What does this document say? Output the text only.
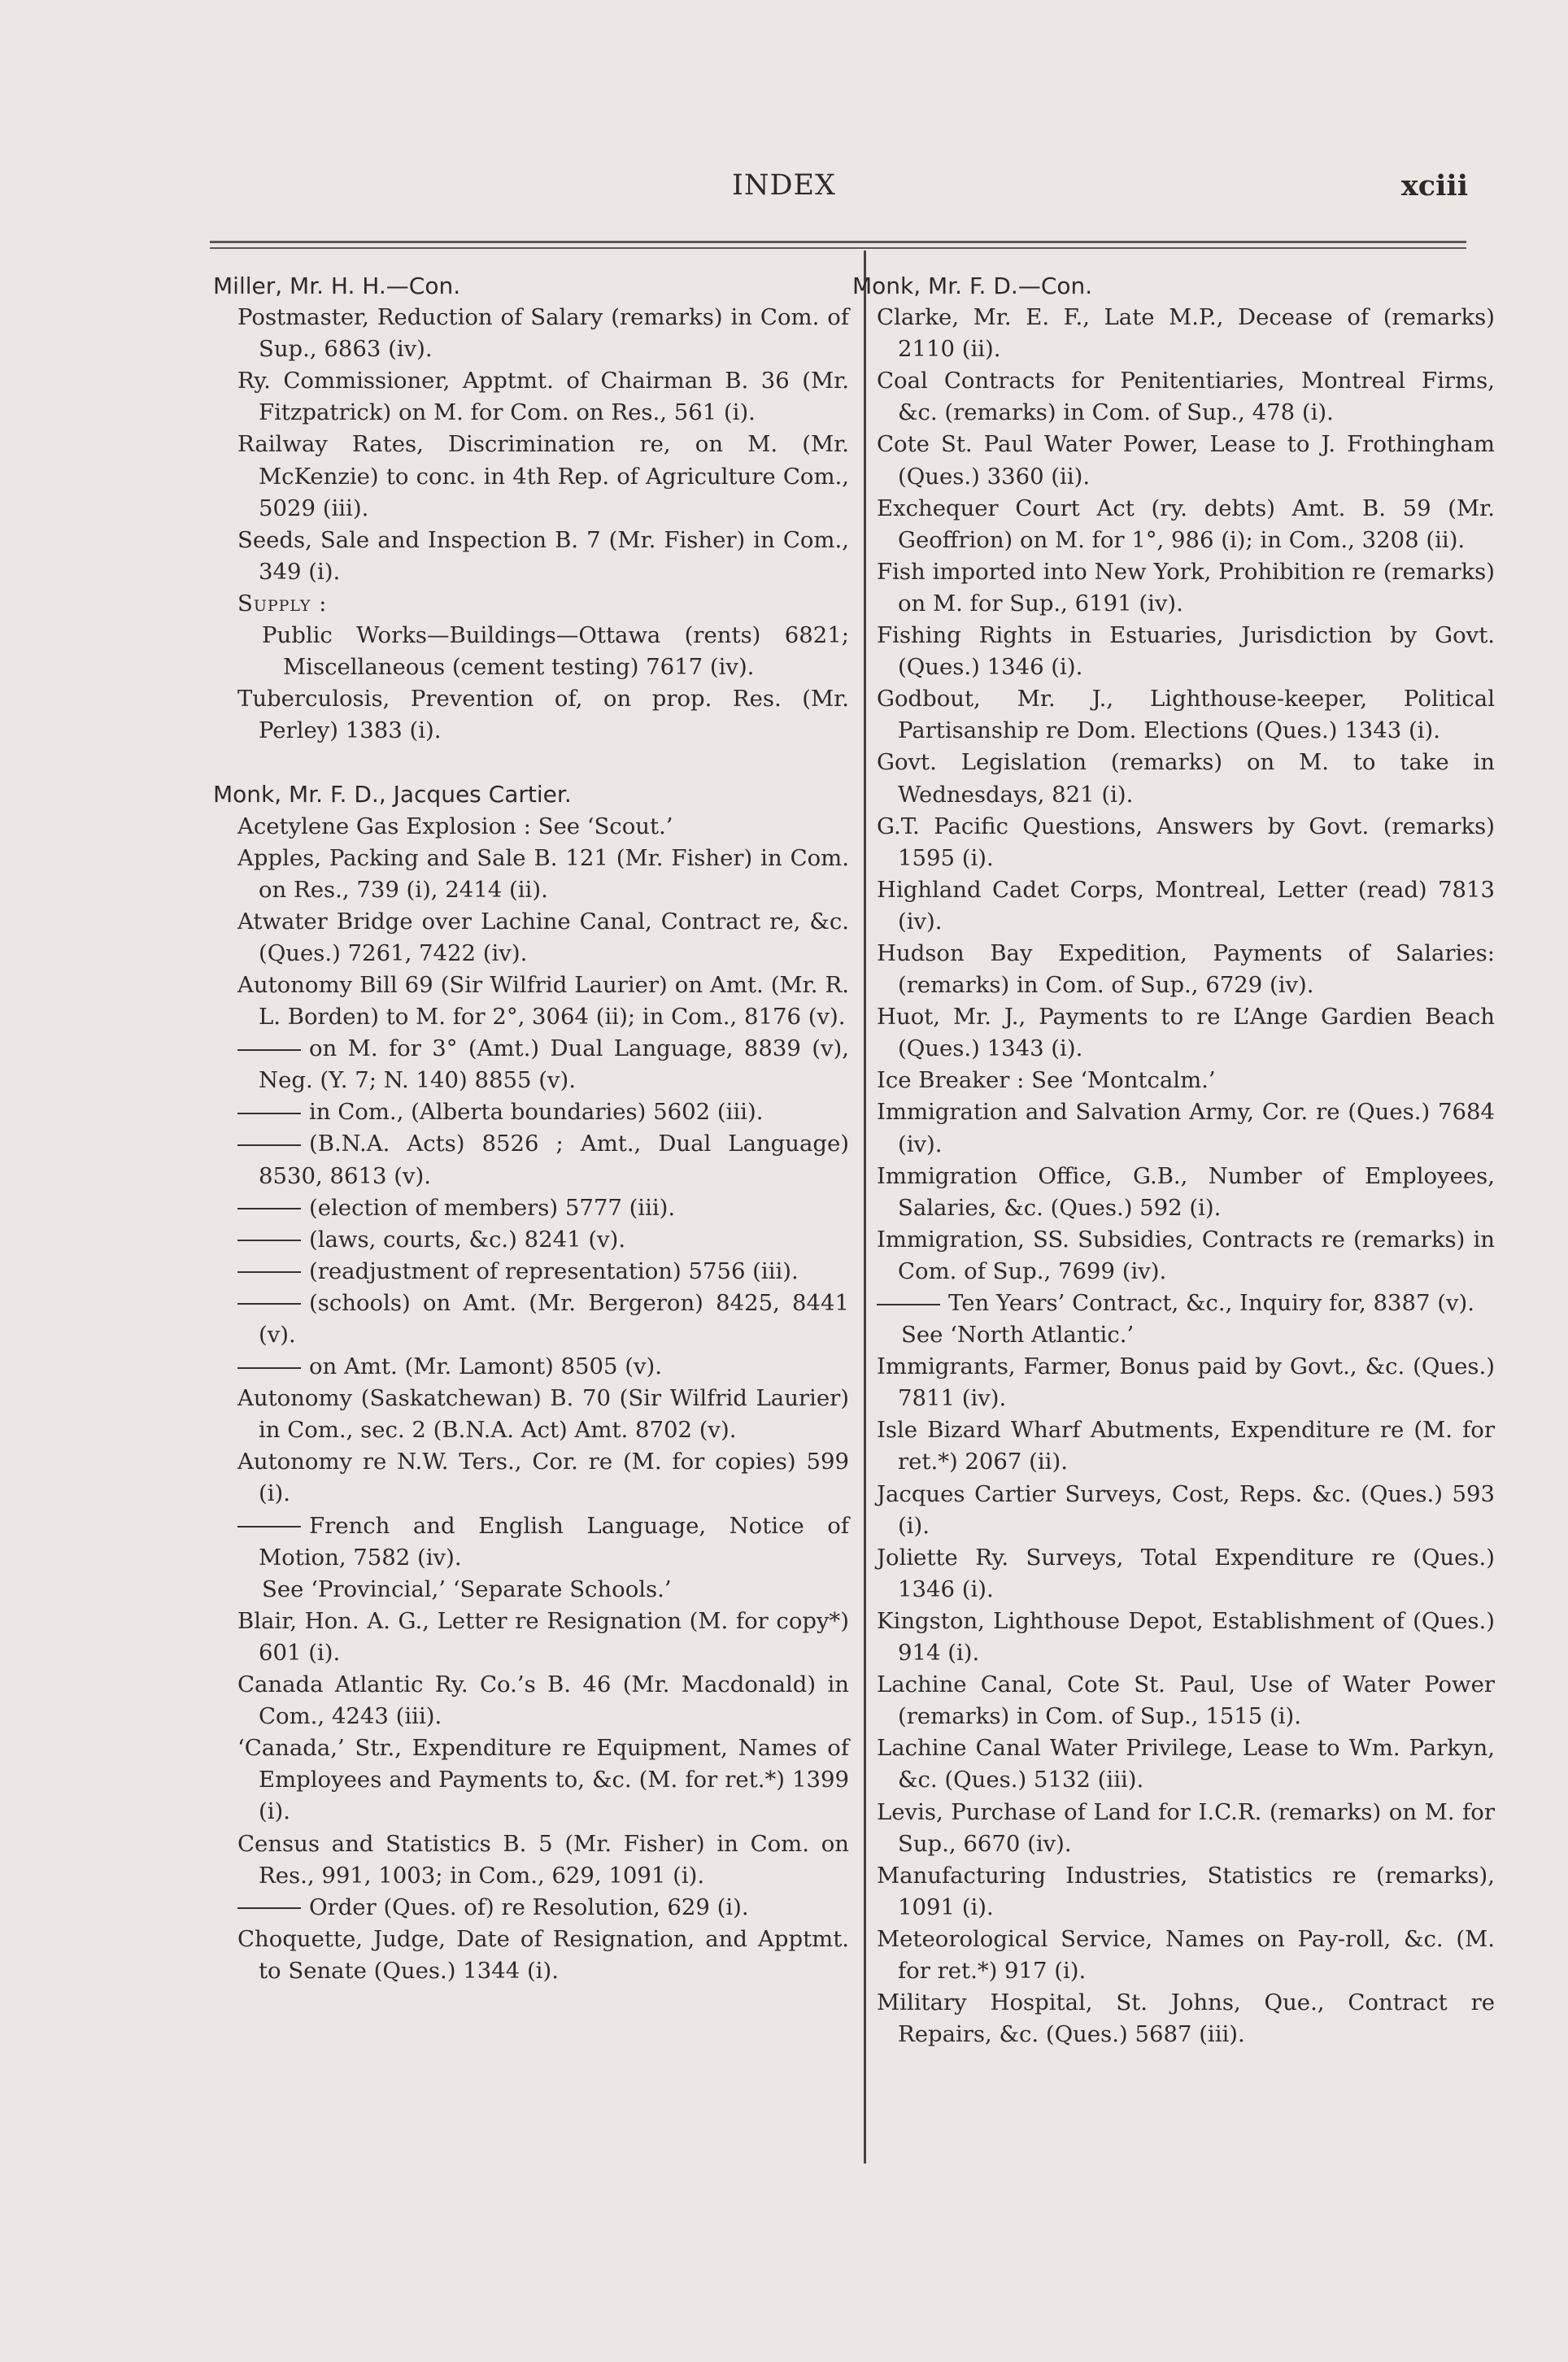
INDEX	xciii

Miller, Mr. H. H.—Con.

Postmaster, Reduction of Salary (remarks) in Com. of Sup., 6863 (iv).

Ry. Commissioner, Apptmt. of Chairman B. 36 (Mr. Fitzpatrick) on M. for Com. on Res., 561 (i).

Railway Rates, Discrimination re, on M. (Mr. McKenzie) to conc. in 4th Rep. of Agriculture Com., 5029 (iii).

Seeds, Sale and Inspection B. 7 (Mr. Fisher) in Com., 349 (i).

Supply :

Public Works—Buildings—Ottawa (rents) 6821; Miscellaneous (cement testing) 7617 (iv).

Tuberculosis, Prevention of, on prop. Res. (Mr. Perley) 1383 (i).

Monk, Mr. F. D., Jacques Cartier.

Acetylene Gas Explosion : See ‘Scout.’

Apples, Packing and Sale B. 121 (Mr. Fisher) in Com. on Res., 739 (i), 2414 (ii).

Atwater Bridge over Lachine Canal, Contract re, &c. (Ques.) 7261, 7422 (iv).

Autonomy Bill 69 (Sir Wilfrid Laurier) on Amt. (Mr. R. L. Borden) to M. for 2°, 3064 (ii); in Com., 8176 (v).

on M. for 3° (Amt.) Dual Language, 8839 (v), Neg. (Y. 7; N. 140) 8855 (v).

in Com., (Alberta boundaries) 5602 (iii).

(B.N.A. Acts) 8526 ; Amt., Dual Language) 8530, 8613 (v).

(election of members) 5777 (iii).

(laws, courts, &c.) 8241 (v).

(readjustment of representation) 5756 (iii).

(schools) on Amt. (Mr. Bergeron) 8425, 8441 (v).

on Amt. (Mr. Lamont) 8505 (v).

Autonomy (Saskatchewan) B. 70 (Sir Wilfrid Laurier) in Com., sec. 2 (B.N.A. Act) Amt. 8702 (v).

Autonomy re N.W. Ters., Cor. re (M. for copies) 599 (i).

French and English Language, Notice of Motion, 7582 (iv).

See ‘Provincial,’ ‘Separate Schools.’

Blair, Hon. A. G., Letter re Resignation (M. for copy*) 601 (i).

Canada Atlantic Ry. Co.’s B. 46 (Mr. Macdonald) in Com., 4243 (iii).

‘Canada,’ Str., Expenditure re Equipment, Names of Employees and Payments to, &c. (M. for ret.*) 1399 (i).

Census and Statistics B. 5 (Mr. Fisher) in Com. on Res., 991, 1003; in Com., 629, 1091 (i).

Order (Ques. of) re Resolution, 629 (i).

Choquette, Judge, Date of Resignation, and Apptmt. to Senate (Ques.) 1344 (i).

Monk, Mr. F. D.—Con.

Clarke, Mr. E. F., Late M.P., Decease of (remarks) 2110 (ii).

Coal Contracts for Penitentiaries, Montreal Firms, &c. (remarks) in Com. of Sup., 478 (i).

Cote St. Paul Water Power, Lease to J. Frothingham (Ques.) 3360 (ii).

Exchequer Court Act (ry. debts) Amt. B. 59 (Mr. Geoffrion) on M. for 1°, 986 (i); in Com., 3208 (ii).

Fish imported into New York, Prohibition re (remarks) on M. for Sup., 6191 (iv).

Fishing Rights in Estuaries, Jurisdiction by Govt. (Ques.) 1346 (i).

Godbout, Mr. J., Lighthouse-keeper, Political Partisanship re Dom. Elections (Ques.) 1343 (i).

Govt. Legislation (remarks) on M. to take in Wednesdays, 821 (i).

G.T. Pacific Questions, Answers by Govt. (remarks) 1595 (i).

Highland Cadet Corps, Montreal, Letter (read) 7813 (iv).

Hudson Bay Expedition, Payments of Salaries: (remarks) in Com. of Sup., 6729 (iv).

Huot, Mr. J., Payments to re L’Ange Gardien Beach (Ques.) 1343 (i).

Ice Breaker : See ‘Montcalm.’

Immigration and Salvation Army, Cor. re (Ques.) 7684 (iv).

Immigration Office, G.B., Number of Employees, Salaries, &c. (Ques.) 592 (i).

Immigration, SS. Subsidies, Contracts re (remarks) in Com. of Sup., 7699 (iv).

Ten Years’ Contract, &c., Inquiry for, 8387 (v).

See ‘North Atlantic.’

Immigrants, Farmer, Bonus paid by Govt., &c. (Ques.) 7811 (iv).

Isle Bizard Wharf Abutments, Expenditure re (M. for ret.*) 2067 (ii).

Jacques Cartier Surveys, Cost, Reps. &c. (Ques.) 593 (i).

Joliette Ry. Surveys, Total Expenditure re (Ques.) 1346 (i).

Kingston, Lighthouse Depot, Establishment of (Ques.) 914 (i).

Lachine Canal, Cote St. Paul, Use of Water Power (remarks) in Com. of Sup., 1515 (i).

Lachine Canal Water Privilege, Lease to Wm. Parkyn, &c. (Ques.) 5132 (iii).

Levis, Purchase of Land for I.C.R. (remarks) on M. for Sup., 6670 (iv).

Manufacturing Industries, Statistics re (remarks), 1091 (i).

Meteorological Service, Names on Pay-roll, &c. (M. for ret.*) 917 (i).

Military Hospital, St. Johns, Que., Contract re Repairs, &c. (Ques.) 5687 (iii).
